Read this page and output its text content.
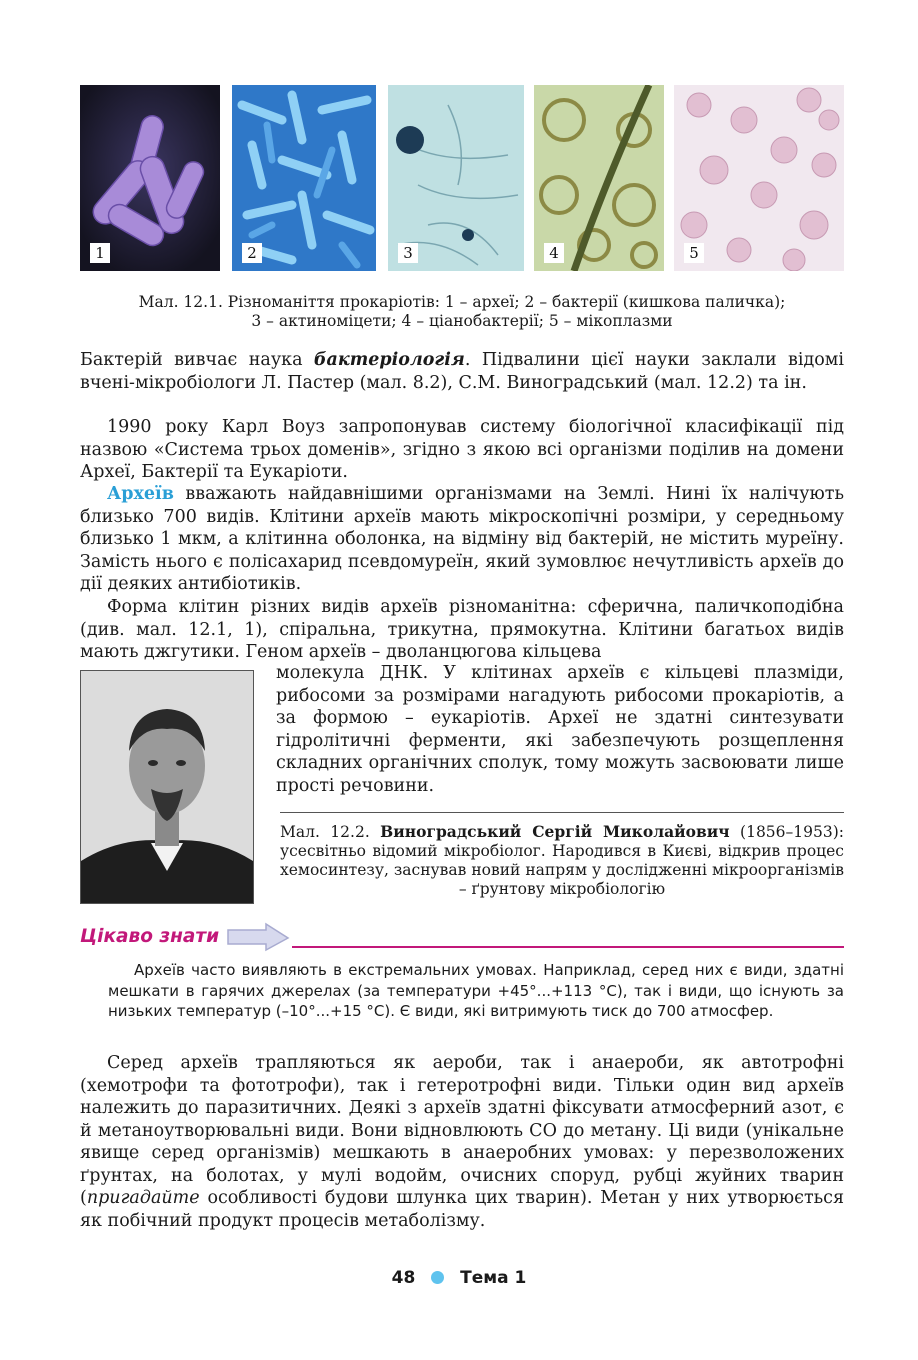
1	2	3	4	5
Мал. 12.1. Різноманіття прокаріотів: 1 – археї; 2 – бактерії (кишкова паличка);
3 – актиноміцети; 4 – ціанобактерії; 5 – мікоплазми
Бактерій вивчає наука бактеріологія. Підвалини цієї науки заклали відомі вчені-мікробіологи Л. Пастер (мал. 8.2), С.М. Виноградський (мал. 12.2) та ін.
1990 року Карл Воуз запропонував систему біологічної класифікації під назвою «Система трьох доменів», згідно з якою всі організми поділив на домени Археї, Бактерії та Еукаріоти.
Археїв вважають найдавнішими організмами на Землі. Нині їх налічують близько 700 видів. Клітини археїв мають мікроскопічні розміри, у середньому близько 1 мкм, а клітинна оболонка, на відміну від бактерій, не містить муреїну. Замість нього є полісахарид псевдомуреїн, який зумовлює нечутливість археїв до дії деяких антибіотиків.
Форма клітин різних видів археїв різноманітна: сферична, паличкоподібна (див. мал. 12.1, 1), спіральна, трикутна, прямокутна. Клітини багатьох видів мають джгутики. Геном археїв – дволанцюгова кільцева
молекула ДНК. У клітинах археїв є кільцеві плазміди, рибосоми за розмірами нагадують рибосоми прокаріотів, а за формою – еукаріотів. Археї не здатні синтезувати гідролітичні ферменти, які забезпечують розщеплення складних органічних сполук, тому можуть засвоювати лише прості речовини.
Мал. 12.2. Виноградський Сергій Миколайович (1856–1953): усесвітньо відомий мікробіолог. Народився в Києві, відкрив процес хемосинтезу, заснував новий напрям у дослідженні мікроорганізмів – ґрунтову мікробіологію
Цікаво знати
Археїв часто виявляють в екстремальних умовах. Наприклад, серед них є види, здатні мешкати в гарячих джерелах (за температури +45°...+113 °С), так і види, що існують за низьких температур (–10°...+15 °С). Є види, які витримують тиск до 700 атмосфер.
Серед археїв трапляються як аероби, так і анаероби, як автотрофні (хемотрофи та фототрофи), так і гетеротрофні види. Тільки один вид археїв належить до паразитичних. Деякі з археїв здатні фіксувати атмосферний азот, є й метаноутворювальні види. Вони відновлюють СО до метану. Ці види (унікальне явище серед організмів) мешкають в анаеробних умовах: у перезволожених ґрунтах, на болотах, у мулі водойм, очисних споруд, рубці жуйних тварин (пригадайте особливості будови шлунка цих тварин). Метан у них утворюється як побічний продукт процесів метаболізму.
48	Тема 1
